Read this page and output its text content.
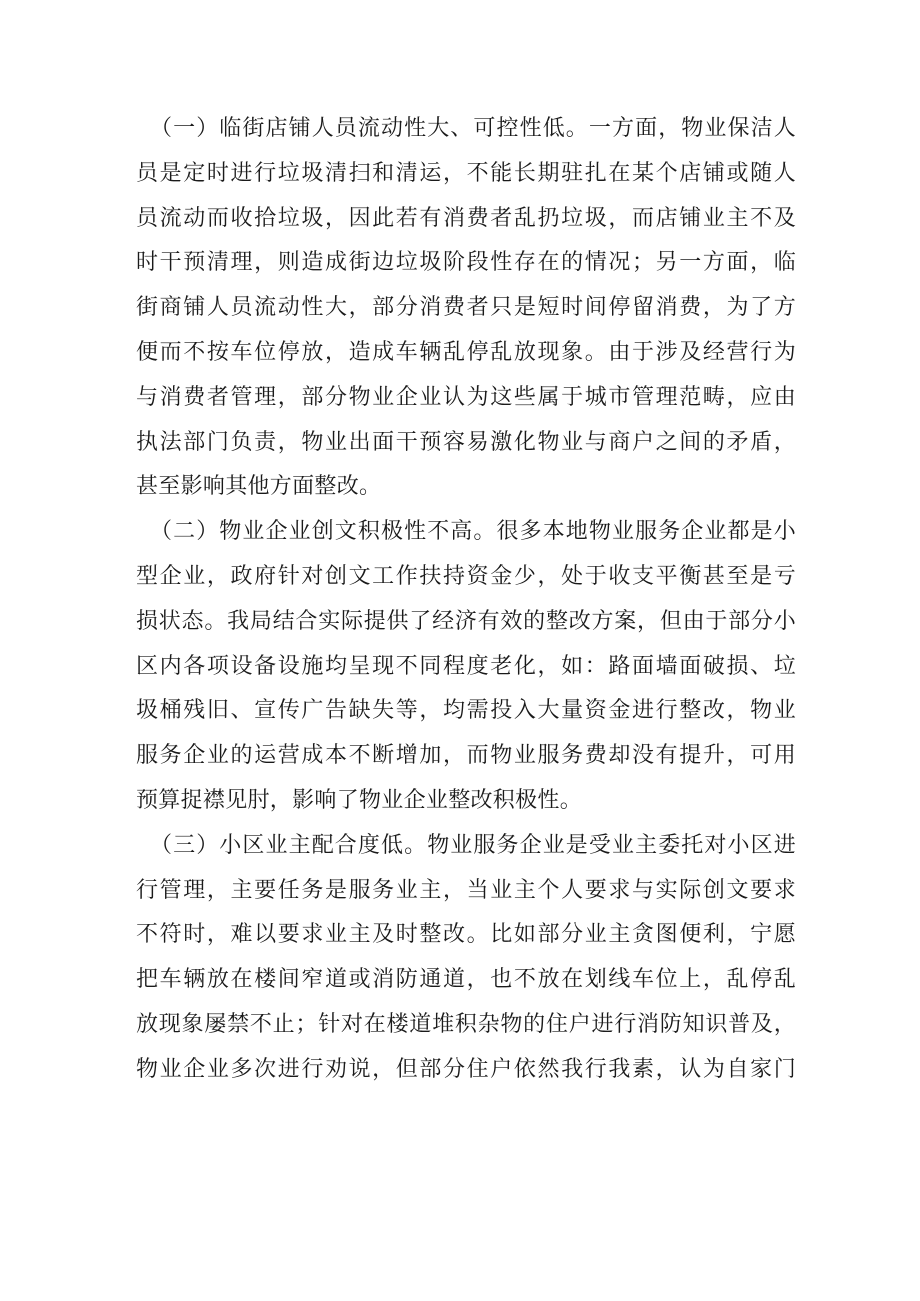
（一）临街店铺人员流动性大、可控性低。一方面，物业保洁人
员是定时进行垃圾清扫和清运，不能长期驻扎在某个店铺或随人
员流动而收拾垃圾，因此若有消费者乱扔垃圾，而店铺业主不及
时干预清理，则造成街边垃圾阶段性存在的情况；另一方面，临
街商铺人员流动性大，部分消费者只是短时间停留消费，为了方
便而不按车位停放，造成车辆乱停乱放现象。由于涉及经营行为
与消费者管理，部分物业企业认为这些属于城市管理范畴，应由
执法部门负责，物业出面干预容易激化物业与商户之间的矛盾，
甚至影响其他方面整改。
（二）物业企业创文积极性不高。很多本地物业服务企业都是小
型企业，政府针对创文工作扶持资金少，处于收支平衡甚至是亏
损状态。我局结合实际提供了经济有效的整改方案，但由于部分小
区内各项设备设施均呈现不同程度老化，如：路面墙面破损、垃
圾桶残旧、宣传广告缺失等，均需投入大量资金进行整改，物业
服务企业的运营成本不断增加，而物业服务费却没有提升，可用
预算捉襟见肘，影响了物业企业整改积极性。
（三）小区业主配合度低。物业服务企业是受业主委托对小区进
行管理，主要任务是服务业主，当业主个人要求与实际创文要求
不符时，难以要求业主及时整改。比如部分业主贪图便利，宁愿
把车辆放在楼间窄道或消防通道，也不放在划线车位上，乱停乱
放现象屡禁不止；针对在楼道堆积杂物的住户进行消防知识普及，
物业企业多次进行劝说，但部分住户依然我行我素，认为自家门
